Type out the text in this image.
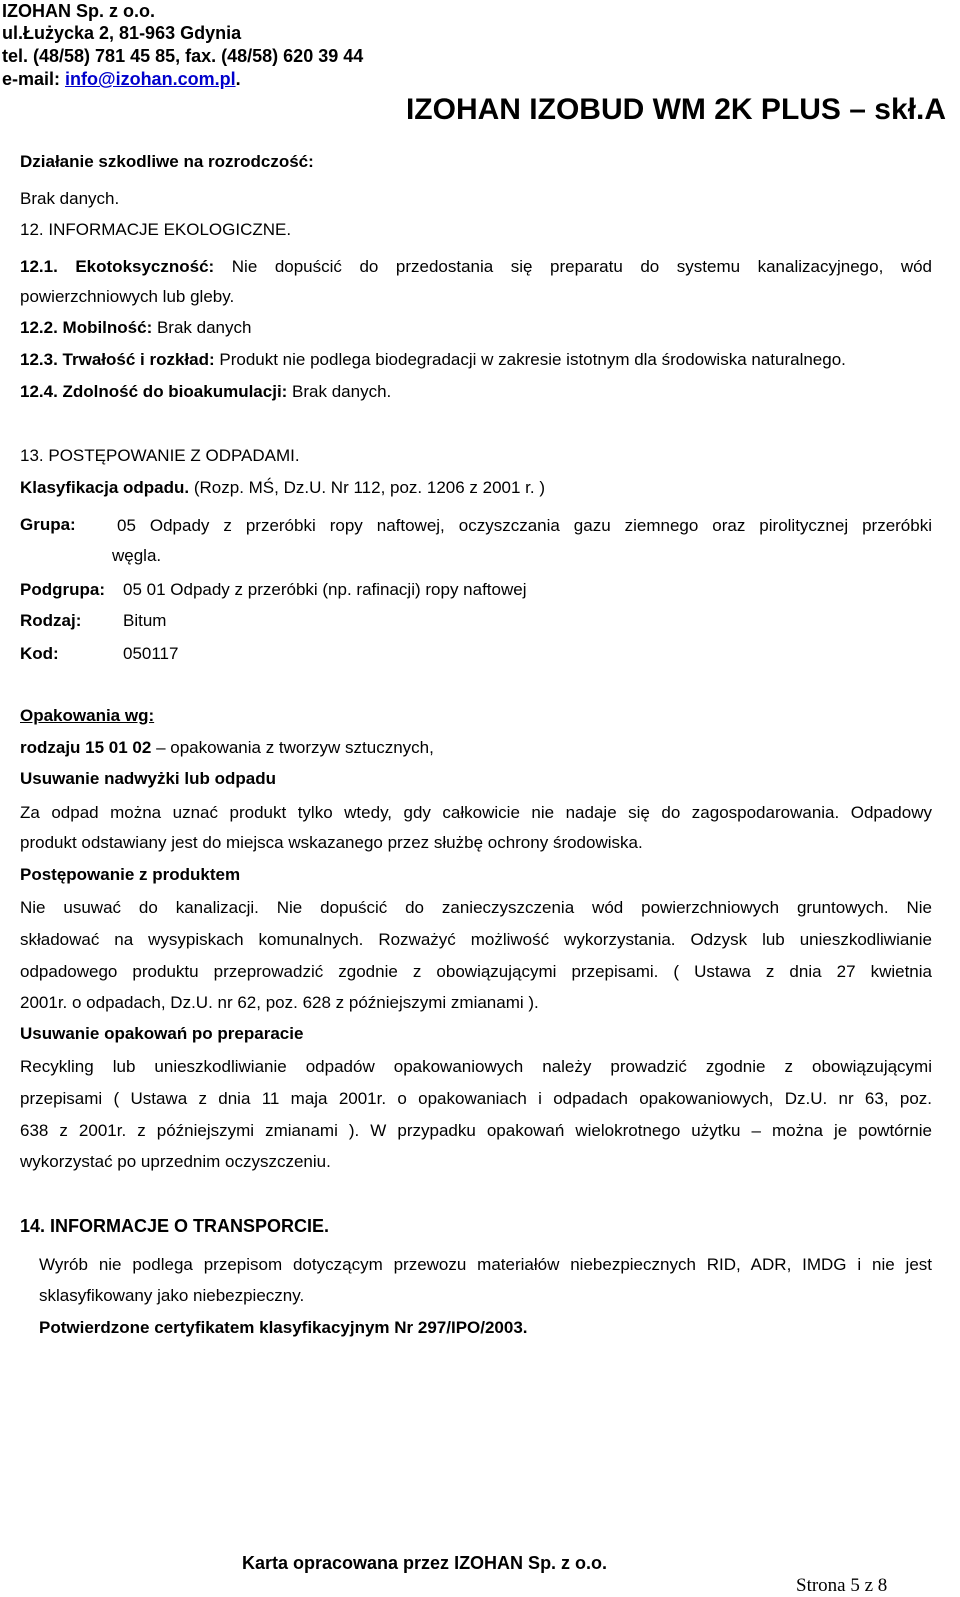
IZOHAN Sp. z o.o.
ul.Łużycka 2, 81-963 Gdynia
tel. (48/58) 781 45 85, fax. (48/58) 620 39 44
e-mail: info@izohan.com.pl.
IZOHAN IZOBUD WM 2K PLUS – skł.A
Działanie szkodliwe na rozrodczość:
Brak danych.
12. INFORMACJE EKOLOGICZNE.
12.1. Ekotoksyczność: Nie dopuścić do przedostania się preparatu do systemu kanalizacyjnego, wód
powierzchniowych lub gleby.
12.2. Mobilność: Brak danych
12.3. Trwałość i rozkład: Produkt nie podlega biodegradacji w zakresie istotnym dla środowiska naturalnego.
12.4. Zdolność do bioakumulacji: Brak danych.
13. POSTĘPOWANIE Z ODPADAMI.
Klasyfikacja odpadu. (Rozp. MŚ, Dz.U. Nr 112, poz. 1206 z 2001 r. )
Grupa: 05 Odpady z przeróbki ropy naftowej, oczyszczania gazu ziemnego oraz pirolitycznej przeróbki
węgla.
Podgrupa: 05 01 Odpady z przeróbki (np. rafinacji) ropy naftowej
Rodzaj: Bitum
Kod:	050117
Opakowania wg:
rodzaju 15 01 02 – opakowania z tworzyw sztucznych,
Usuwanie nadwyżki lub odpadu
Za odpad można uznać produkt tylko wtedy, gdy całkowicie nie nadaje się do zagospodarowania. Odpadowy
produkt odstawiany jest do miejsca wskazanego przez służbę ochrony środowiska.
Postępowanie z produktem
Nie usuwać do kanalizacji. Nie dopuścić do zanieczyszczenia wód powierzchniowych gruntowych. Nie
składować na wysypiskach komunalnych. Rozważyć możliwość wykorzystania. Odzysk lub unieszkodliwianie
odpadowego produktu przeprowadzić zgodnie z obowiązującymi przepisami. ( Ustawa z dnia 27 kwietnia
2001r. o odpadach, Dz.U. nr 62, poz. 628 z późniejszymi zmianami ).
Usuwanie opakowań po preparacie
Recykling lub unieszkodliwianie odpadów opakowaniowych należy prowadzić zgodnie z obowiązującymi
przepisami ( Ustawa z dnia 11 maja 2001r. o opakowaniach i odpadach opakowaniowych, Dz.U. nr 63, poz.
638 z 2001r. z późniejszymi zmianami ). W przypadku opakowań wielokrotnego użytku – można je powtórnie
wykorzystać po uprzednim oczyszczeniu.
14. INFORMACJE O TRANSPORCIE.
Wyrób nie podlega przepisom dotyczącym przewozu materiałów niebezpiecznych RID, ADR, IMDG i nie jest
sklasyfikowany jako niebezpieczny.
Potwierdzone certyfikatem klasyfikacyjnym Nr 297/IPO/2003.
Karta opracowana przez IZOHAN Sp. z o.o.
Strona 5 z 8
